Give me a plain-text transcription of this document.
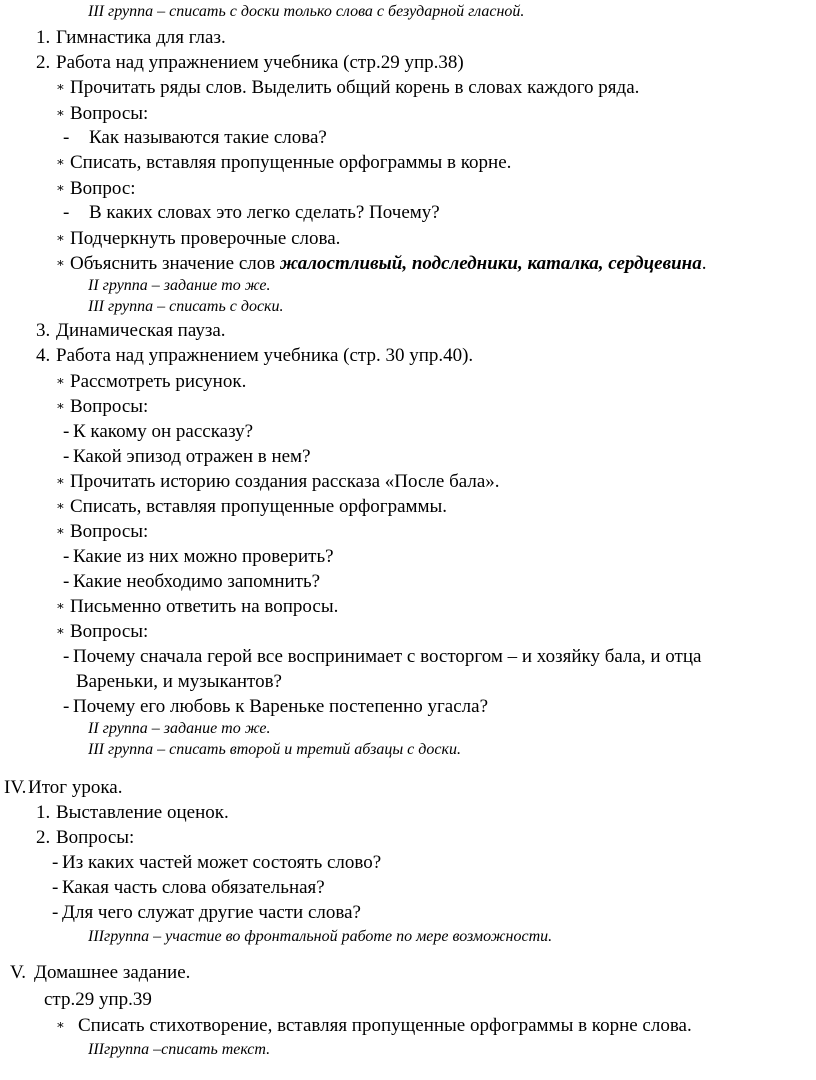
III группа – списать с доски только слова с безударной гласной.
1. Гимнастика для глаз.
2. Работа над упражнением учебника (стр.29 упр.38)
∗ Прочитать ряды слов. Выделить общий корень в словах каждого ряда.
∗ Вопросы:
- Как называются такие слова?
∗ Списать, вставляя пропущенные орфограммы в корне.
∗ Вопрос:
- В каких словах это легко сделать? Почему?
∗ Подчеркнуть проверочные слова.
∗ Объяснить значение слов жалостливый, подследники, каталка, сердцевина.
II группа – задание то же.
III группа – списать с доски.
3. Динамическая пауза.
4. Работа над упражнением учебника (стр. 30 упр.40).
∗ Рассмотреть рисунок.
∗ Вопросы:
- К какому он рассказу?
- Какой эпизод отражен в нем?
∗ Прочитать историю создания рассказа «После бала».
∗ Списать, вставляя пропущенные орфограммы.
∗ Вопросы:
- Какие из них можно проверить?
- Какие необходимо запомнить?
∗ Письменно ответить на вопросы.
∗ Вопросы:
- Почему сначала герой все воспринимает с восторгом – и хозяйку бала, и отца
Вареньки, и музыкантов?
- Почему его любовь к Вареньке постепенно угасла?
II группа – задание то же.
III группа – списать второй и третий абзацы с доски.
IV.Итог урока.
1. Выставление оценок.
2. Вопросы:
- Из каких частей может состоять слово?
- Какая часть слова обязательная?
- Для чего служат другие части слова?
IIIгруппа – участие во фронтальной работе по мере возможности.
V. Домашнее задание.
стр.29 упр.39
∗ Списать стихотворение, вставляя пропущенные орфограммы в корне слова.
IIIгруппа –списать текст.
